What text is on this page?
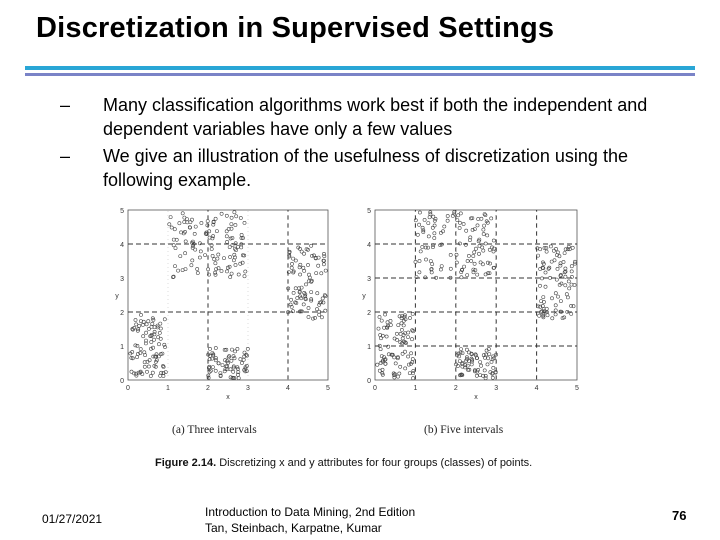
Discretization in Supervised Settings
– Many classification algorithms work best if both the independent and dependent variables have only a few values
– We give an illustration of the usefulness of discretization using the following example.
0
0
1
1
2
2
3
3
4
4
5
5
x
y
0
0
1
1
2
2
3
3
4
4
5
5
x
y
(a) Three intervals	(b) Five intervals
Figure 2.14. Discretizing x and y attributes for four groups (classes) of points.
01/27/2021	Introduction to Data Mining, 2nd Edition
Tan, Steinbach, Karpatne, Kumar
76
